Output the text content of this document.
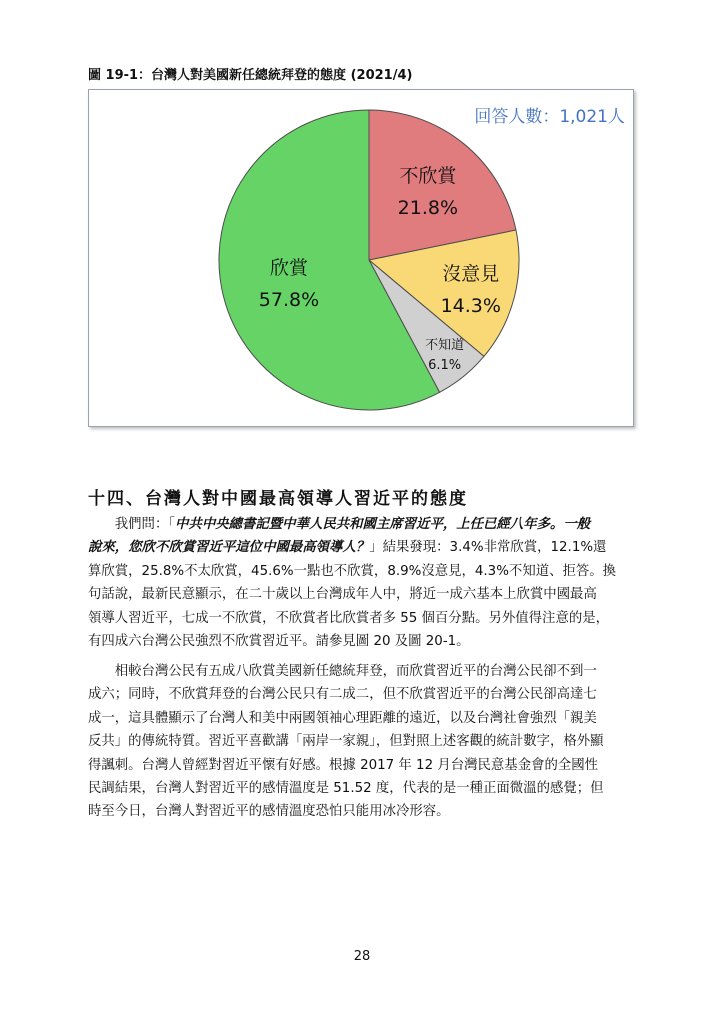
圖 19-1：台灣人對美國新任總統拜登的態度 (2021/4)
不欣賞
21.8%
沒意見
14.3%
不知道
6.1%
欣賞
57.8%
回答人數：1,021人
十四、台灣人對中國最高領導人習近平的態度
　　我們問：「中共中央總書記暨中華人民共和國主席習近平，上任已經八年多。一般
說來，您欣不欣賞習近平這位中國最高領導人？」結果發現：3.4%非常欣賞，12.1%還
算欣賞，25.8%不太欣賞，45.6%一點也不欣賞，8.9%沒意見，4.3%不知道、拒答。換
句話說，最新民意顯示，在二十歲以上台灣成年人中，將近一成六基本上欣賞中國最高
領導人習近平，七成一不欣賞，不欣賞者比欣賞者多 55 個百分點。另外值得注意的是，
有四成六台灣公民強烈不欣賞習近平。請參見圖 20 及圖 20-1。
　　相較台灣公民有五成八欣賞美國新任總統拜登，而欣賞習近平的台灣公民卻不到一
成六；同時，不欣賞拜登的台灣公民只有二成二，但不欣賞習近平的台灣公民卻高達七
成一，這具體顯示了台灣人和美中兩國領袖心理距離的遠近，以及台灣社會強烈「親美
反共」的傳統特質。習近平喜歡講「兩岸一家親」，但對照上述客觀的統計數字，格外顯
得諷刺。台灣人曾經對習近平懷有好感。根據 2017 年 12 月台灣民意基金會的全國性
民調結果，台灣人對習近平的感情溫度是 51.52 度，代表的是一種正面微溫的感覺；但
時至今日，台灣人對習近平的感情溫度恐怕只能用冰冷形容。
28
